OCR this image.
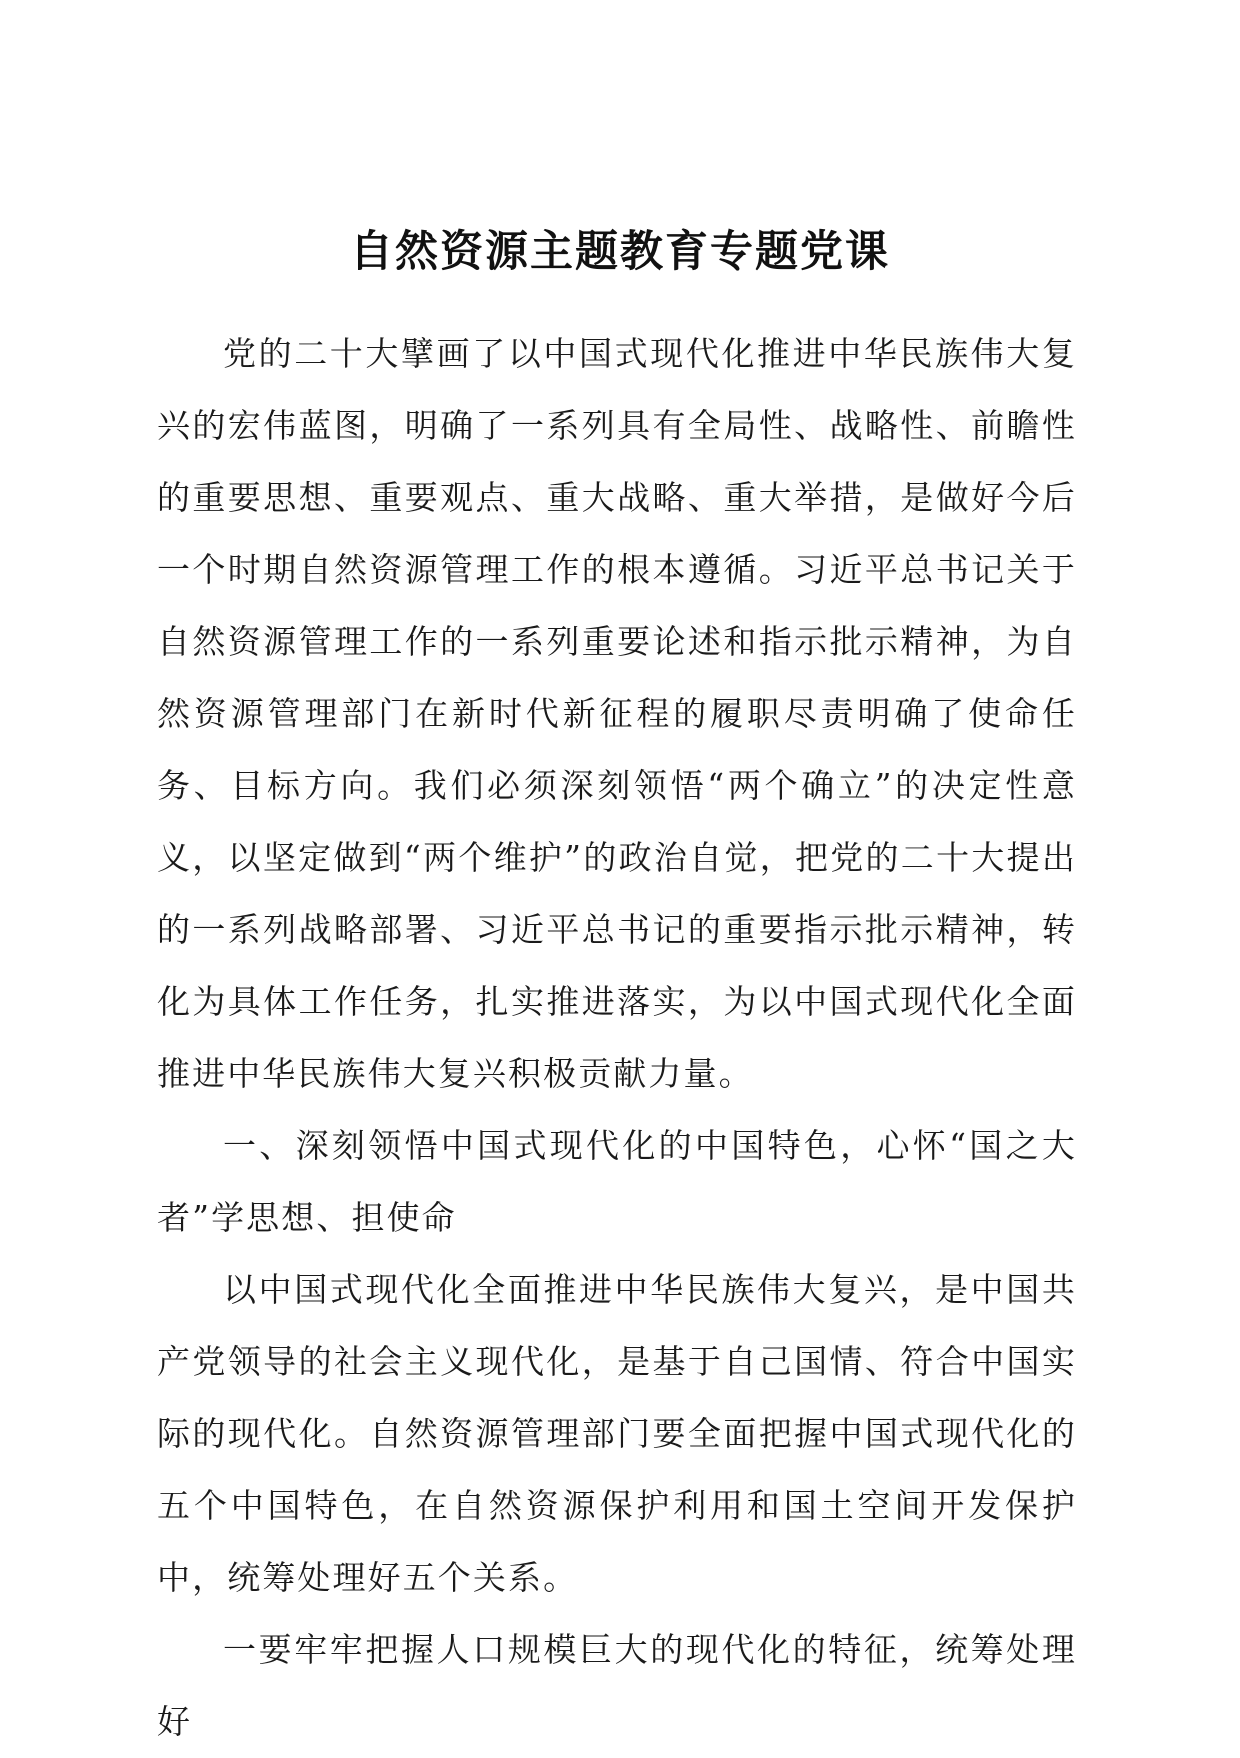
自然资源主题教育专题党课

党的二十大擘画了以中国式现代化推进中华民族伟大复兴的宏伟蓝图，明确了一系列具有全局性、战略性、前瞻性的重要思想、重要观点、重大战略、重大举措，是做好今后一个时期自然资源管理工作的根本遵循。习近平总书记关于自然资源管理工作的一系列重要论述和指示批示精神，为自然资源管理部门在新时代新征程的履职尽责明确了使命任务、目标方向。我们必须深刻领悟“两个确立”的决定性意义，以坚定做到“两个维护”的政治自觉，把党的二十大提出的一系列战略部署、习近平总书记的重要指示批示精神，转化为具体工作任务，扎实推进落实，为以中国式现代化全面推进中华民族伟大复兴积极贡献力量。

一、深刻领悟中国式现代化的中国特色，心怀“国之大者”学思想、担使命

以中国式现代化全面推进中华民族伟大复兴，是中国共产党领导的社会主义现代化，是基于自己国情、符合中国实际的现代化。自然资源管理部门要全面把握中国式现代化的五个中国特色，在自然资源保护利用和国土空间开发保护中，统筹处理好五个关系。

一要牢牢把握人口规模巨大的现代化的特征，统筹处理好
